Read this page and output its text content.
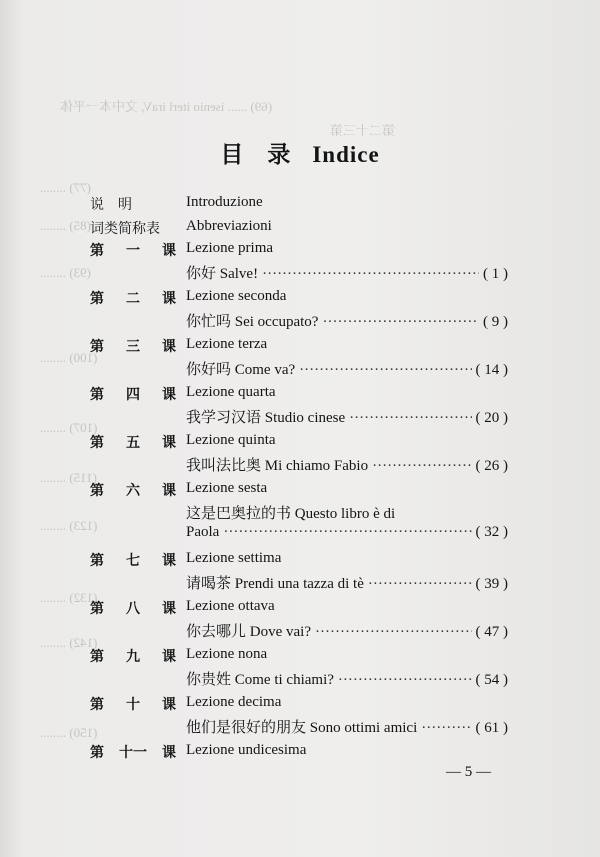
(69) ...... isenio iterl iraV, 文中本一平体
第二十三第
(77) ........
(85) ........
(93) ........
(100) ........
(107) ........
(115) ........
(123) ........
(132) ........
(142) ........
(150) ........
目 录 Indice
说　明	Introduzione
词类简称表	Abbreviazioni
第 一 课 Lezione prima
你好 Salve! ·····	( 1 )
第 二 课 Lezione seconda
你忙吗 Sei occupato? ·····	( 9 )
第 三 课 Lezione terza
你好吗 Come va? ·····	( 14 )
第 四 课 Lezione quarta
我学习汉语 Studio cinese ·····	( 20 )
第 五 课 Lezione quinta
我叫法比奥 Mi chiamo Fabio ·····	( 26 )
第 六 课 Lezione sesta
这是巴奥拉的书 Questo libro è di
Paola ·····	( 32 )
第 七 课 Lezione settima
请喝茶 Prendi una tazza di tè ·····	( 39 )
第 八 课 Lezione ottava
你去哪儿 Dove vai? ·····	( 47 )
第 九 课 Lezione nona
你贵姓 Come ti chiami? ·····	( 54 )
第 十 课 Lezione decima
他们是很好的朋友 Sono ottimi amici ·····	( 61 )
第 十一 课 Lezione undicesima
— 5 —
